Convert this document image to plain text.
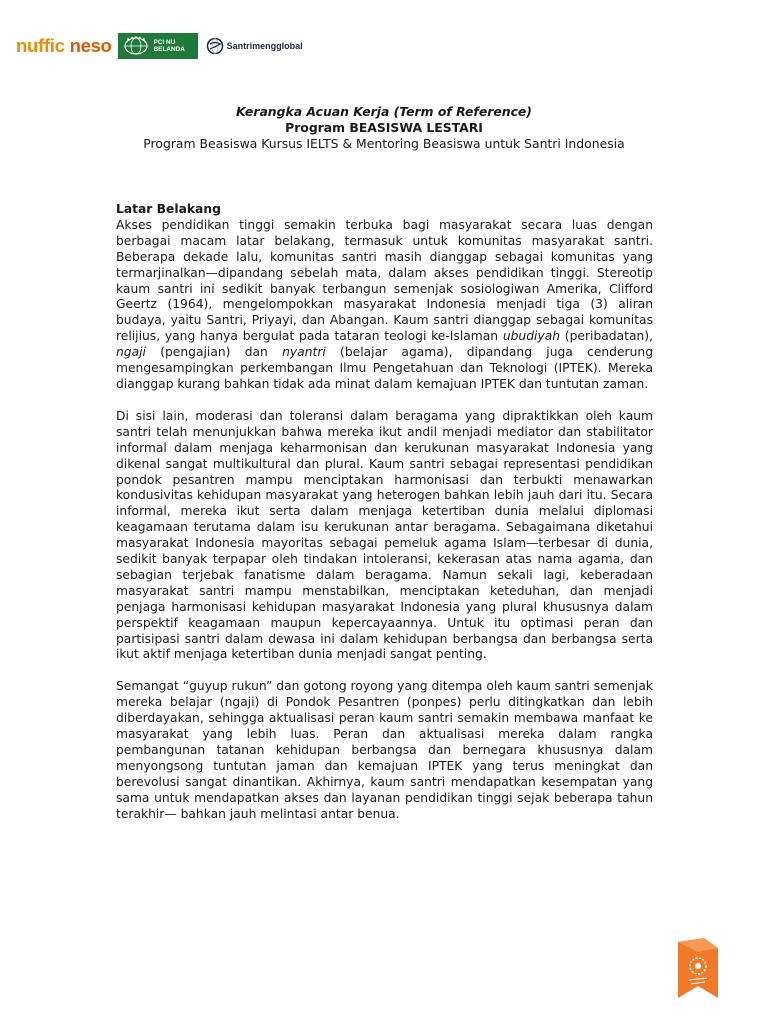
n uffic neso	PCI NU
BELANDA	Santrimengglobal
Kerangka Acuan Kerja (Term of Reference)
Program BEASISWA LESTARI
Program Beasiswa Kursus IELTS & Mentoring Beasiswa untuk Santri Indonesia
Latar Belakang

Akses pendidikan tinggi semakin terbuka bagi masyarakat secara luas dengan berbagai macam latar belakang, termasuk untuk komunitas masyarakat santri. Beberapa dekade lalu, komunitas santri masih dianggap sebagai komunitas yang termarjinalkan—dipandang sebelah mata, dalam akses pendidikan tinggi. Stereotip kaum santri ini sedikit banyak terbangun semenjak sosiologiwan Amerika, Clifford Geertz (1964), mengelompokkan masyarakat Indonesia menjadi tiga (3) aliran budaya, yaitu Santri, Priyayi, dan Abangan. Kaum santri dianggap sebagai komunitas relijius, yang hanya bergulat pada tataran teologi ke-Islaman ubudiyah (peribadatan), ngaji (pengajian) dan nyantri (belajar agama), dipandang juga cenderung mengesampingkan perkembangan Ilmu Pengetahuan dan Teknologi (IPTEK). Mereka dianggap kurang bahkan tidak ada minat dalam kemajuan IPTEK dan tuntutan zaman.

Di sisi lain, moderasi dan toleransi dalam beragama yang dipraktikkan oleh kaum santri telah menunjukkan bahwa mereka ikut andil menjadi mediator dan stabilitator informal dalam menjaga keharmonisan dan kerukunan masyarakat Indonesia yang dikenal sangat multikultural dan plural. Kaum santri sebagai representasi pendidikan pondok pesantren mampu menciptakan harmonisasi dan terbukti menawarkan kondusivitas kehidupan masyarakat yang heterogen bahkan lebih jauh dari itu. Secara informal, mereka ikut serta dalam menjaga ketertiban dunia melalui diplomasi keagamaan terutama dalam isu kerukunan antar beragama. Sebagaimana diketahui masyarakat Indonesia mayoritas sebagai pemeluk agama Islam—terbesar di dunia, sedikit banyak terpapar oleh tindakan intoleransi, kekerasan atas nama agama, dan sebagian terjebak fanatisme dalam beragama. Namun sekali lagi, keberadaan masyarakat santri mampu menstabilkan, menciptakan keteduhan, dan menjadi penjaga harmonisasi kehidupan masyarakat Indonesia yang plural khususnya dalam perspektif keagamaan maupun kepercayaannya. Untuk itu optimasi peran dan partisipasi santri dalam dewasa ini dalam kehidupan berbangsa dan berbangsa serta ikut aktif menjaga ketertiban dunia menjadi sangat penting.

Semangat “guyup rukun” dan gotong royong yang ditempa oleh kaum santri semenjak mereka belajar (ngaji) di Pondok Pesantren (ponpes) perlu ditingkatkan dan lebih diberdayakan, sehingga aktualisasi peran kaum santri semakin membawa manfaat ke masyarakat yang lebih luas. Peran dan aktualisasi mereka dalam rangka pembangunan tatanan kehidupan berbangsa dan bernegara khususnya dalam menyongsong tuntutan jaman dan kemajuan IPTEK yang terus meningkat dan berevolusi sangat dinantikan. Akhirnya, kaum santri mendapatkan kesempatan yang sama untuk mendapatkan akses dan layanan pendidikan tinggi sejak beberapa tahun terakhir— bahkan jauh melintasi antar benua.
